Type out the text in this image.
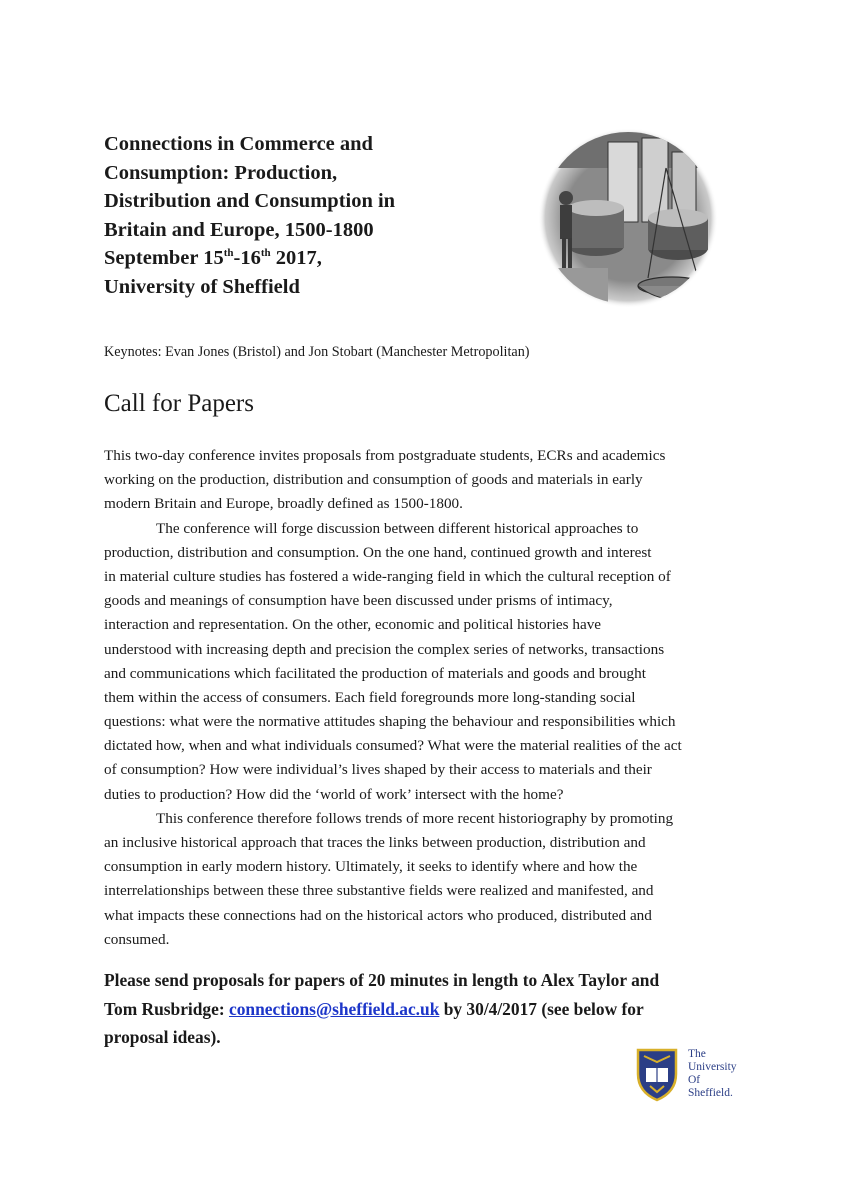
Connections in Commerce and
Consumption: Production,
Distribution and Consumption in
Britain and Europe, 1500-1800
September 15th-16th 2017,
University of Sheffield

Keynotes: Evan Jones (Bristol) and Jon Stobart (Manchester Metropolitan)

Call for Papers
This two-day conference invites proposals from postgraduate students, ECRs and academics
working on the production, distribution and consumption of goods and materials in early
modern Britain and Europe, broadly defined as 1500-1800.
The conference will forge discussion between different historical approaches to
production, distribution and consumption. On the one hand, continued growth and interest
in material culture studies has fostered a wide-ranging field in which the cultural reception of
goods and meanings of consumption have been discussed under prisms of intimacy,
interaction and representation. On the other, economic and political histories have
understood with increasing depth and precision the complex series of networks, transactions
and communications which facilitated the production of materials and goods and brought
them within the access of consumers. Each field foregrounds more long-standing social
questions: what were the normative attitudes shaping the behaviour and responsibilities which
dictated how, when and what individuals consumed? What were the material realities of the act
of consumption? How were individual’s lives shaped by their access to materials and their
duties to production? How did the ‘world of work’ intersect with the home?
This conference therefore follows trends of more recent historiography by promoting
an inclusive historical approach that traces the links between production, distribution and
consumption in early modern history. Ultimately, it seeks to identify where and how the
interrelationships between these three substantive fields were realized and manifested, and
what impacts these connections had on the historical actors who produced, distributed and
consumed.

Please send proposals for papers of 20 minutes in length to Alex Taylor and
Tom Rusbridge: connections@sheffield.ac.uk by 30/4/2017 (see below for
proposal ideas).

The
University
Of
Sheffield.
